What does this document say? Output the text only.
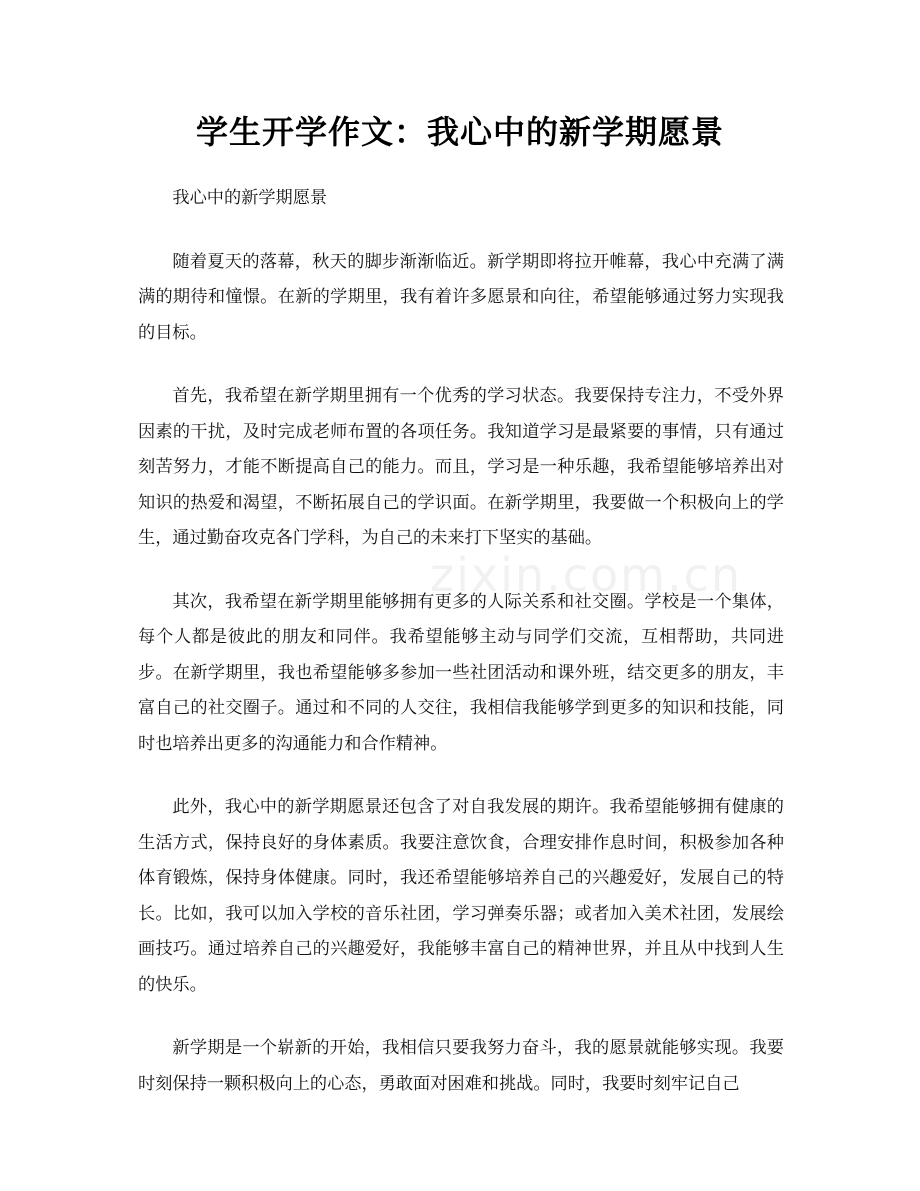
学生开学作文：我心中的新学期愿景

我心中的新学期愿景

随着夏天的落幕，秋天的脚步渐渐临近。新学期即将拉开帷幕，我心中充满了满满的期待和憧憬。在新的学期里，我有着许多愿景和向往，希望能够通过努力实现我的目标。

首先，我希望在新学期里拥有一个优秀的学习状态。我要保持专注力，不受外界因素的干扰，及时完成老师布置的各项任务。我知道学习是最紧要的事情，只有通过刻苦努力，才能不断提高自己的能力。而且，学习是一种乐趣，我希望能够培养出对知识的热爱和渴望，不断拓展自己的学识面。在新学期里，我要做一个积极向上的学生，通过勤奋攻克各门学科，为自己的未来打下坚实的基础。

其次，我希望在新学期里能够拥有更多的人际关系和社交圈。学校是一个集体，每个人都是彼此的朋友和同伴。我希望能够主动与同学们交流，互相帮助，共同进步。在新学期里，我也希望能够多参加一些社团活动和课外班，结交更多的朋友，丰富自己的社交圈子。通过和不同的人交往，我相信我能够学到更多的知识和技能，同时也培养出更多的沟通能力和合作精神。

此外，我心中的新学期愿景还包含了对自我发展的期许。我希望能够拥有健康的生活方式，保持良好的身体素质。我要注意饮食，合理安排作息时间，积极参加各种体育锻炼，保持身体健康。同时，我还希望能够培养自己的兴趣爱好，发展自己的特长。比如，我可以加入学校的音乐社团，学习弹奏乐器；或者加入美术社团，发展绘画技巧。通过培养自己的兴趣爱好，我能够丰富自己的精神世界，并且从中找到人生的快乐。

新学期是一个崭新的开始，我相信只要我努力奋斗，我的愿景就能够实现。我要时刻保持一颗积极向上的心态，勇敢面对困难和挑战。同时，我要时刻牢记自己

zixin.com.cn
